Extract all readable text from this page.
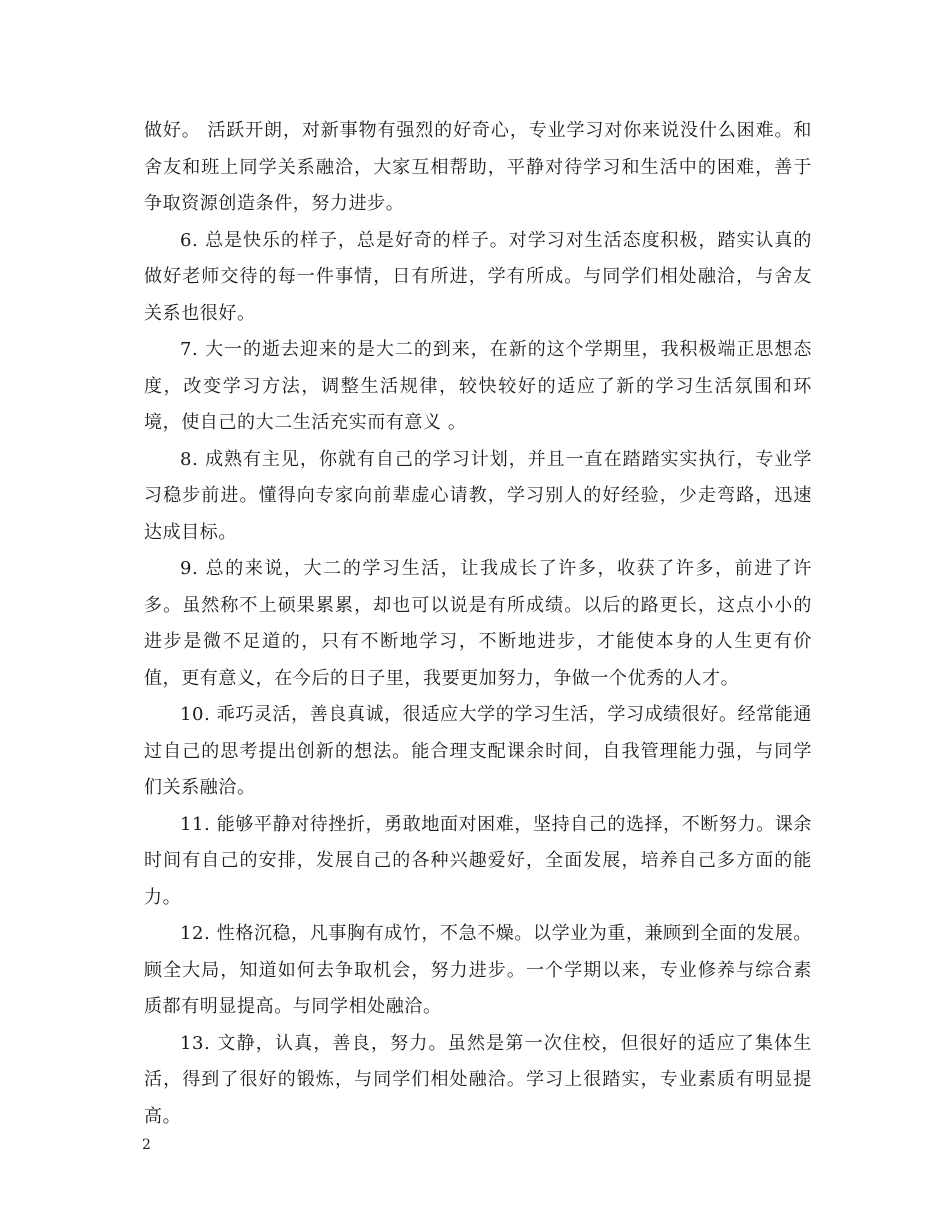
做好。 活跃开朗，对新事物有强烈的好奇心，专业学习对你来说没什么困难。和舍友和班上同学关系融洽，大家互相帮助，平静对待学习和生活中的困难，善于争取资源创造条件，努力进步。

6. 总是快乐的样子，总是好奇的样子。对学习对生活态度积极，踏实认真的做好老师交待的每一件事情，日有所进，学有所成。与同学们相处融洽，与舍友关系也很好。

7. 大一的逝去迎来的是大二的到来，在新的这个学期里，我积极端正思想态度，改变学习方法，调整生活规律，较快较好的适应了新的学习生活氛围和环境，使自己的大二生活充实而有意义 。

8. 成熟有主见，你就有自己的学习计划，并且一直在踏踏实实执行，专业学习稳步前进。懂得向专家向前辈虚心请教，学习别人的好经验，少走弯路，迅速达成目标。

9. 总的来说，大二的学习生活，让我成长了许多，收获了许多，前进了许多。虽然称不上硕果累累，却也可以说是有所成绩。以后的路更长，这点小小的进步是微不足道的，只有不断地学习，不断地进步，才能使本身的人生更有价值，更有意义，在今后的日子里，我要更加努力，争做一个优秀的人才。

10. 乖巧灵活，善良真诚，很适应大学的学习生活，学习成绩很好。经常能通过自己的思考提出创新的想法。能合理支配课余时间，自我管理能力强，与同学们关系融洽。

11. 能够平静对待挫折，勇敢地面对困难，坚持自己的选择，不断努力。课余时间有自己的安排，发展自己的各种兴趣爱好，全面发展，培养自己多方面的能力。

12. 性格沉稳，凡事胸有成竹，不急不燥。以学业为重，兼顾到全面的发展。顾全大局，知道如何去争取机会，努力进步。一个学期以来，专业修养与综合素质都有明显提高。与同学相处融洽。

13. 文静，认真，善良，努力。虽然是第一次住校，但很好的适应了集体生活，得到了很好的锻炼，与同学们相处融洽。学习上很踏实，专业素质有明显提高。

2
